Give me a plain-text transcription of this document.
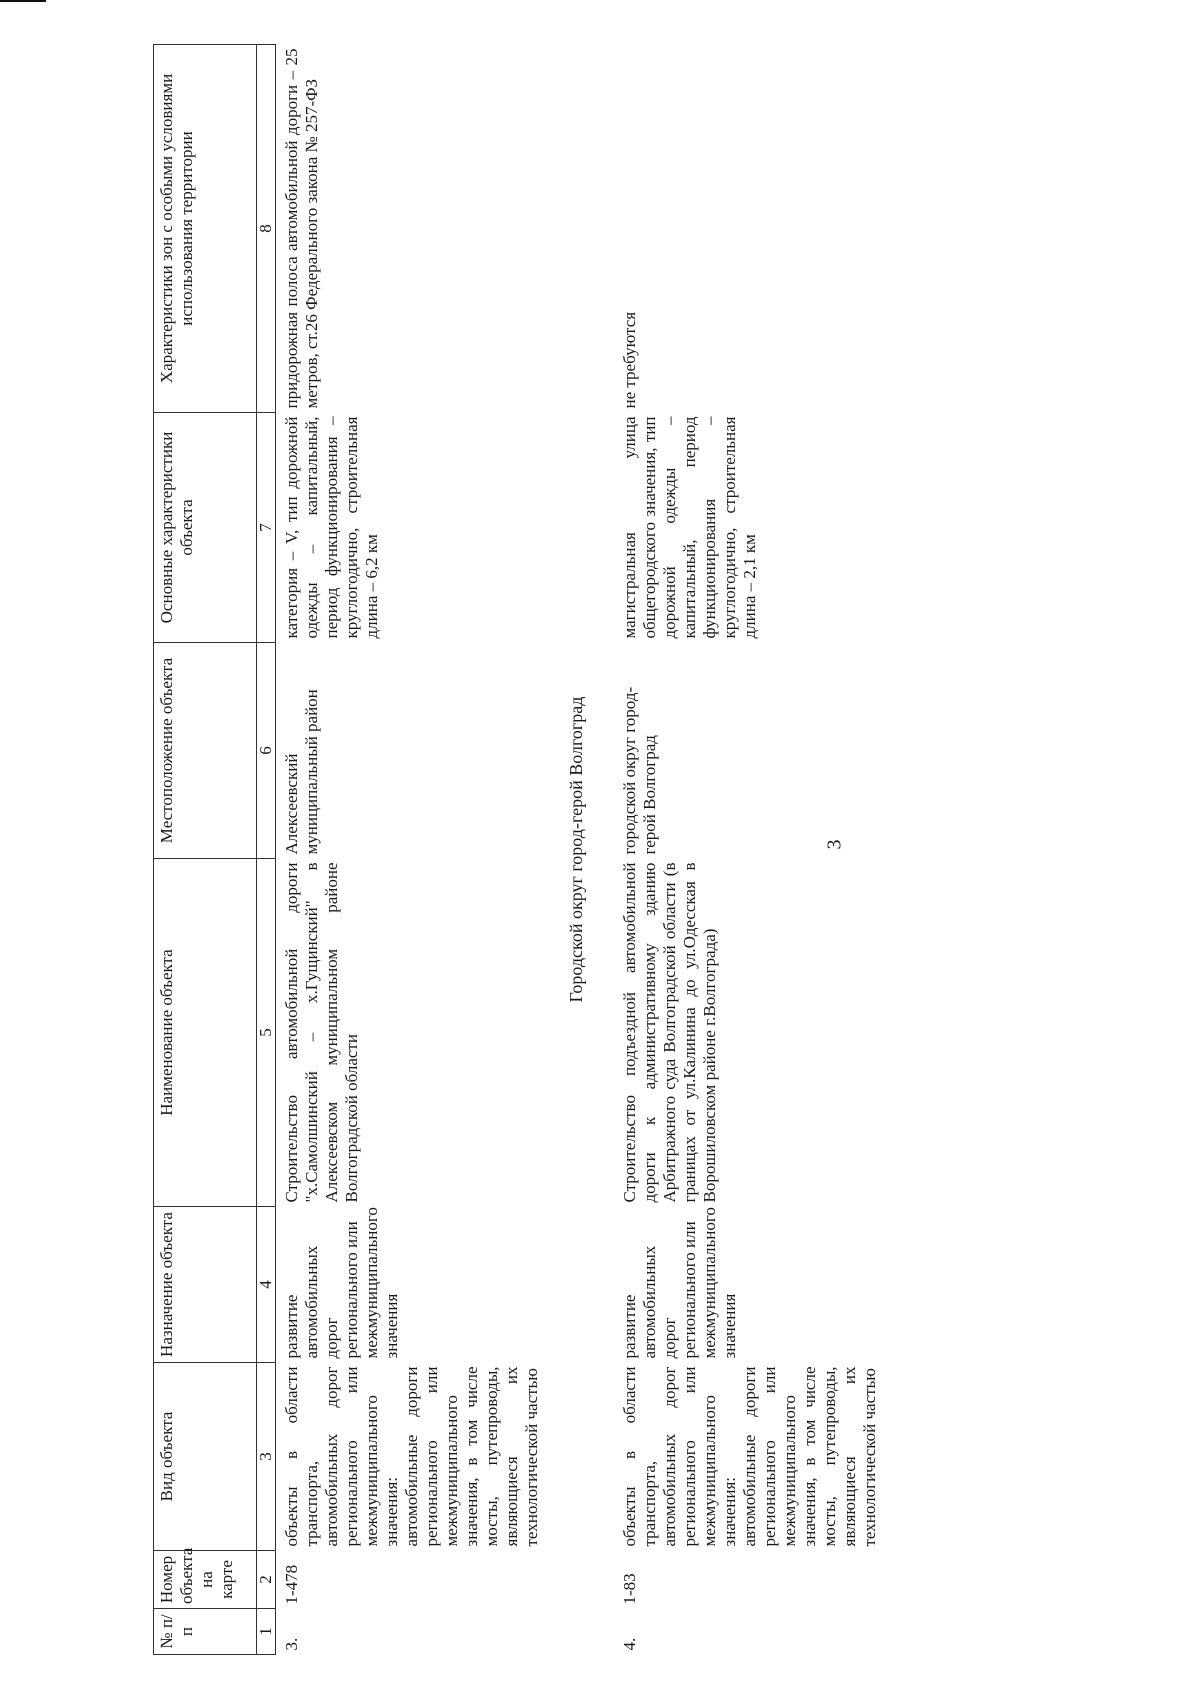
3
№ п/п	Номер объекта на карте	Вид объекта	Назначение объекта	Наименование объекта	Местоположение объекта	Основные характеристики объекта	Характеристики зон с особыми условиями использования территории
1	2	3	4	5	6	7	8
3.	1-478	объекты в области транспорта, автомобильных дорог регионального или межмуниципального значения: автомобильные дороги регионального или межмуниципального значения, в том числе мосты, путепроводы, являющиеся их технологической частью	развитие автомобильных дорог регионального или межмуниципального значения	Строительство автомобильной дороги "х.Самолшинский – х.Гущинский" в Алексеевском муниципальном районе Волгоградской области	Алексеевский муниципальный район	категория – V, тип дорожной одежды – капитальный, период функционирования – круглогодично, строительная длина – 6,2 км	придорожная полоса автомобильной дороги – 25 метров, ст.26 Федерального закона № 257-ФЗ
Городской округ город-герой Волгоград							
4.	1-83	объекты в области транспорта, автомобильных дорог регионального или межмуниципального значения: автомобильные дороги регионального или межмуниципального значения, в том числе мосты, путепроводы, являющиеся их технологической частью	развитие автомобильных дорог регионального или межмуниципального значения	Строительство подъездной автомобильной дороги к административному зданию Арбитражного суда Волгоградской области (в границах от ул.Калинина до ул.Одесская в Ворошиловском районе г.Волгограда)	городской округ город-герой Волгоград	магистральная улица общегородского значения, тип дорожной одежды – капитальный, период функционирования – круглогодично, строительная длина – 2,1 км	не требуются
